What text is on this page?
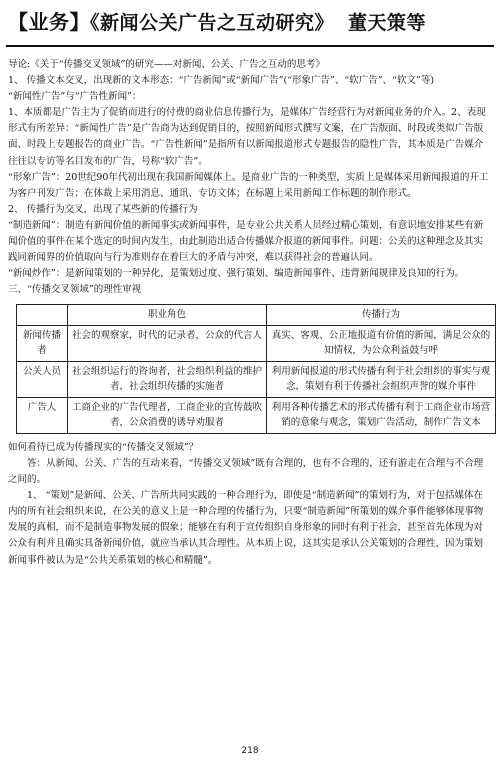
【业务】《新闻公关广告之互动研究》 董天策等

导论:《关于“传播交叉领域”的研究——对新闻、公关、广告之互动的思考》

1、 传播文本交叉，出现新的文本形态：“广告新闻”或“新闻广告”(“形象广告”、“软广告”、“软文”等)

“新闻性广告”与“广告性新闻”：

1、本质都是广告主为了促销而进行的付费的商业信息传播行为，是媒体广告经营行为对新闻业务的介入。2、表现形式有所差异：“新闻性广告”是广告商为达到促销目的，按照新闻形式撰写文案，在广告版面、时段或类似广告版面、时段上专题报告的商业广告。“广告性新闻”是指所有以新闻报道形式专题报告的隐性广告，其本质是广告媒介往往以专访等名目发布的广告，号称“软广告”。

“形象广告”：20世纪90年代初出现在我国新闻媒体上。是商业广告的一种类型，实质上是媒体采用新闻报道的开工为客户刊发广告；在体裁上采用消息、通讯、专访文体；在标题上采用新闻工作标题的制作形式。

2、 传播行为交叉，出现了某些新的传播行为

“制造新闻”：制造有新闻价值的新闻事实或新闻事件，是专业公共关系人员经过精心策划，有意识地安排某些有新闻价值的事件在某个选定的时间内发生，由此制造出适合传播媒介报道的新闻事件。问题：公关的这种理念及其实践同新闻界的价值取向与行为准则存在着巨大的矛盾与冲突，难以获得社会的普遍认同。

“新闻炒作”：是新闻策划的一种异化，是策划过度、强行策划、编造新闻事件、违背新闻规律及良知的行为。

三、“传播交叉领域”的理性审视

	职业角色	传播行为
新闻传播者	社会的观察家，时代的记录者，公众的代言人	真实、客观、公正地报道有价值的新闻，满足公众的知情权，为公众利益鼓与呼
公关人员	社会组织运行的咨询者，社会组织利益的维护者，社会组织传播的实施者	利用新闻报道的形式传播有利于社会组织的事实与观念，策划有利于传播社会组织声誉的媒介事件
广告人	工商企业的广告代理者，工商企业的宣传鼓吹者，公众消费的诱导劝服者	利用各种传播艺术的形式传播有利于工商企业市场营销的意象与观念，策划广告活动，制作广告文本

如何看待已成为传播现实的“传播交叉领域”？

答：从新闻、公关、广告的互动来看，“传播交叉领域”既有合理的，也有不合理的，还有游走在合理与不合理之间的。

1、 “策划”是新闻、公关、广告所共同实践的一种合理行为，即使是“制造新闻”的策划行为，对于包括媒体在内的所有社会组织来说，在公关的意义上是一种合理的传播行为，只要“制造新闻”所策划的媒介事件能够体现事物发展的真相，而不是制造事物发展的假象；能够在有利于宣传组织自身形象的同时有利于社会，甚至首先体现为对公众有利并且确实具备新闻价值，就应当承认其合理性。从本质上说，这其实是承认公关策划的合理性，因为策划新闻事件被认为是“公共关系策划的核心和精髓”。

218
